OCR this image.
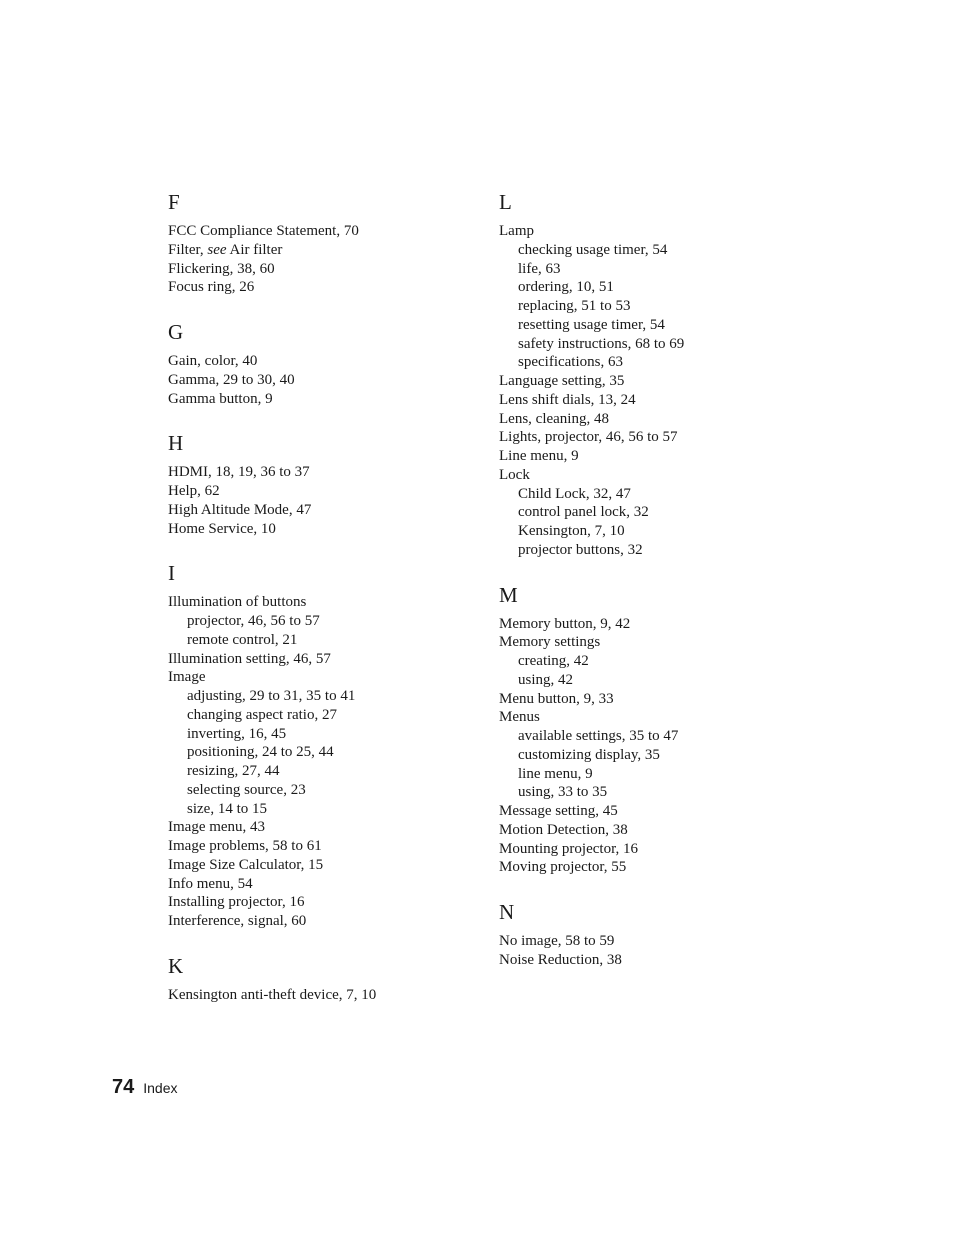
F
FCC Compliance Statement, 70
Filter, see Air filter
Flickering, 38, 60
Focus ring, 26
G
Gain, color, 40
Gamma, 29 to 30, 40
Gamma button, 9
H
HDMI, 18, 19, 36 to 37
Help, 62
High Altitude Mode, 47
Home Service, 10
I
Illumination of buttons
projector, 46, 56 to 57
remote control, 21
Illumination setting, 46, 57
Image
adjusting, 29 to 31, 35 to 41
changing aspect ratio, 27
inverting, 16, 45
positioning, 24 to 25, 44
resizing, 27, 44
selecting source, 23
size, 14 to 15
Image menu, 43
Image problems, 58 to 61
Image Size Calculator, 15
Info menu, 54
Installing projector, 16
Interference, signal, 60
K
Kensington anti-theft device, 7, 10
L
Lamp
checking usage timer, 54
life, 63
ordering, 10, 51
replacing, 51 to 53
resetting usage timer, 54
safety instructions, 68 to 69
specifications, 63
Language setting, 35
Lens shift dials, 13, 24
Lens, cleaning, 48
Lights, projector, 46, 56 to 57
Line menu, 9
Lock
Child Lock, 32, 47
control panel lock, 32
Kensington, 7, 10
projector buttons, 32
M
Memory button, 9, 42
Memory settings
creating, 42
using, 42
Menu button, 9, 33
Menus
available settings, 35 to 47
customizing display, 35
line menu, 9
using, 33 to 35
Message setting, 45
Motion Detection, 38
Mounting projector, 16
Moving projector, 55
N
No image, 58 to 59
Noise Reduction, 38
74 Index
